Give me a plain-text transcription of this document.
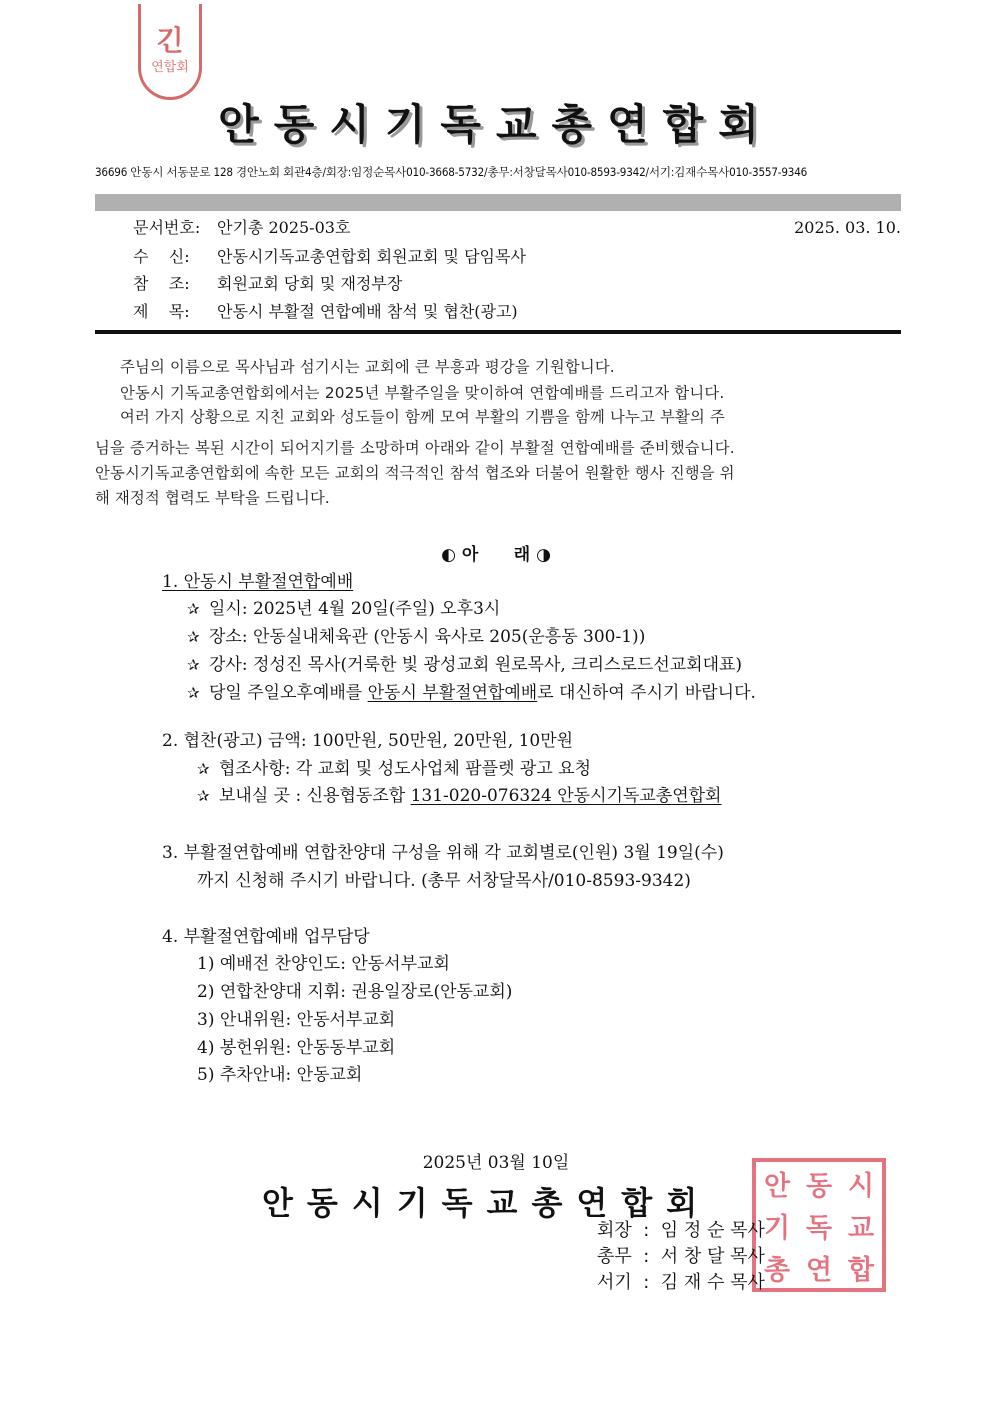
긴
연합회
안동시기독교총연합회
36696 안동시 서동문로 128 경안노회 회관4층/회장:임정순목사010-3668-5732/총무:서창달목사010-8593-9342/서기:김재수목사010-3557-9346
문서번호: 안기총 2025-03호	2025. 03. 10.
수    신: 안동시기독교총연합회 회원교회 및 담임목사
참    조: 회원교회 당회 및 재정부장
제    목: 안동시 부활절 연합예배 참석 및 협찬(광고)
주님의 이름으로 목사님과 섬기시는 교회에 큰 부흥과 평강을 기원합니다.
안동시 기독교총연합회에서는 2025년 부활주일을 맞이하여 연합예배를 드리고자 합니다.
여러 가지 상황으로 지친 교회와 성도들이 함께 모여 부활의 기쁨을 함께 나누고 부활의 주
님을 증거하는 복된 시간이 되어지기를 소망하며 아래와 같이 부활절 연합예배를 준비했습니다.
안동시기독교총연합회에 속한 모든 교회의 적극적인 참석 협조와 더불어 원활한 행사 진행을 위
해 재정적 협력도 부탁을 드립니다.
◐ 아      래 ◑
1. 안동시 부활절연합예배
✰ 일시: 2025년 4월 20일(주일) 오후3시
✰ 장소: 안동실내체육관 (안동시 육사로 205(운흥동 300-1))
✰ 강사: 정성진 목사(거룩한 빛 광성교회 원로목사, 크리스로드선교회대표)
✰ 당일 주일오후예배를 안동시 부활절연합예배로 대신하여 주시기 바랍니다.
2. 협찬(광고) 금액: 100만원, 50만원, 20만원, 10만원
✰ 협조사항: 각 교회 및 성도사업체 팜플렛 광고 요청
✰ 보내실 곳 : 신용협동조합 131-020-076324 안동시기독교총연합회
3. 부활절연합예배 연합찬양대 구성을 위해 각 교회별로(인원) 3월 19일(수)
까지 신청해 주시기 바랍니다. (총무 서창달목사/010-8593-9342)
4. 부활절연합예배 업무담당
1) 예배전 찬양인도: 안동서부교회
2) 연합찬양대 지휘: 권용일장로(안동교회)
3) 안내위원: 안동서부교회
4) 봉헌위원: 안동동부교회
5) 추차안내: 안동교회
2025년 03월 10일
안동시기독교총연합회 안 동 시
기 독 교
총 연 합
회장 : 임 정 순 목사
총무 : 서 창 달 목사
서기 : 김 재 수 목사
